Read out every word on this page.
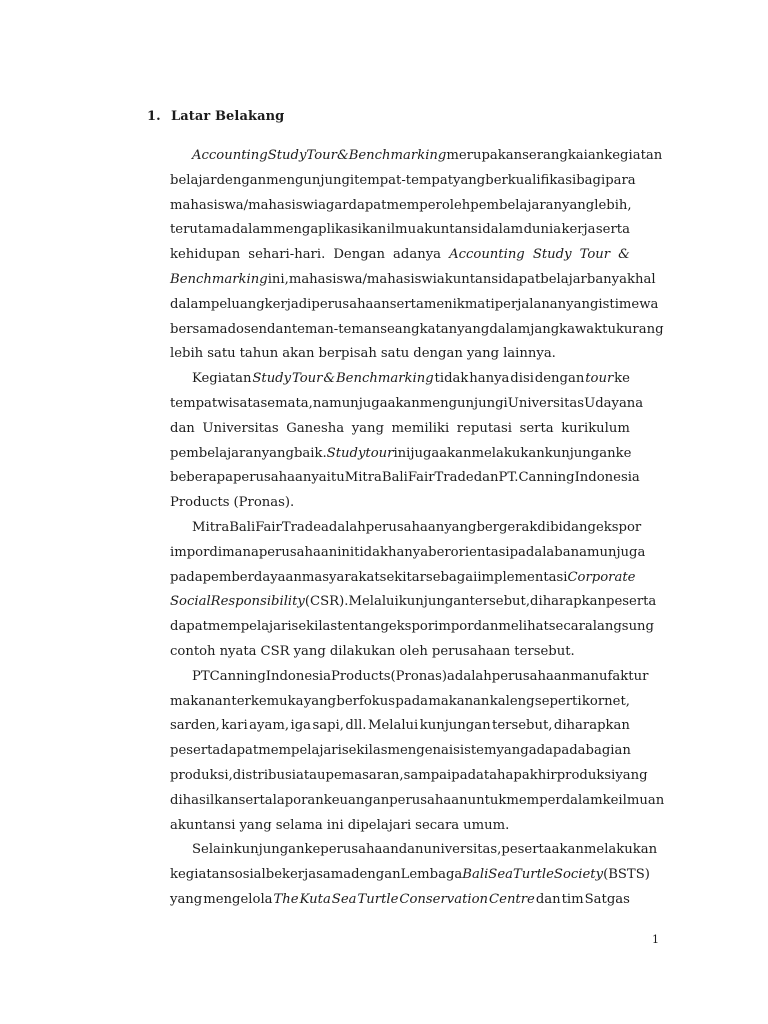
1. Latar Belakang
Accounting Study Tour & Benchmarking merupakan serangkaian kegiatan
belajar dengan mengunjungi tempat-tempat yang berkualifikasi bagi para
mahasiswa/mahasiswi agar dapat memperoleh pembelajaran yang lebih,
terutama dalam mengaplikasikan ilmu akuntansi dalam dunia kerja serta
kehidupan sehari-hari. Dengan adanya Accounting Study Tour &
Benchmarking ini, mahasiswa/mahasiswi akuntansi dapat belajar banyak hal
dalam peluang kerja di perusahaan serta menikmati perjalanan yang istimewa
bersama dosen dan teman-teman seangkatan yang dalam jangka waktu kurang
lebih satu tahun akan berpisah satu dengan yang lainnya.
Kegiatan Study Tour & Benchmarking tidak hanya disi dengan tour ke
tempat wisata semata, namun juga akan mengunjungi Universitas Udayana
dan Universitas Ganesha yang memiliki reputasi serta kurikulum
pembelajaran yang baik. Study tour ini juga akan melakukan kunjungan ke
beberapa perusahaan yaitu Mitra Bali Fair Trade dan PT. Canning Indonesia
Products (Pronas).
Mitra Bali Fair Trade adalah perusahaan yang bergerak di bidang ekspor
impor dimana perusahaan ini tidak hanya berorientasi pada laba namun juga
pada pemberdayaan masyarakat sekitar sebagai implementasi Corporate
Social Responsibility (CSR). Melalui kunjungan tersebut, diharapkan peserta
dapat mempelajari sekilas tentang ekspor impor dan melihat secara langsung
contoh nyata CSR yang dilakukan oleh perusahaan tersebut.
PT Canning Indonesia Products (Pronas) adalah perusahaan manufaktur
makanan terkemuka yang berfokus pada makanan kaleng seperti kornet,
sarden, kari ayam, iga sapi, dll. Melalui kunjungan tersebut, diharapkan
peserta dapat mempelajari sekilas mengenai sistem yang ada pada bagian
produksi, distribusi atau pemasaran, sampai pada tahap akhir produksi yang
dihasilkan serta laporan keuangan perusahaan untuk memperdalam keilmuan
akuntansi yang selama ini dipelajari secara umum.
Selain kunjungan ke perusahaan dan universitas, peserta akan melakukan
kegiatan sosial bekerja sama dengan Lembaga Bali Sea Turtle Society (BSTS)
yang mengelola The Kuta Sea Turtle Conservation Centre dan tim Satgas
1
